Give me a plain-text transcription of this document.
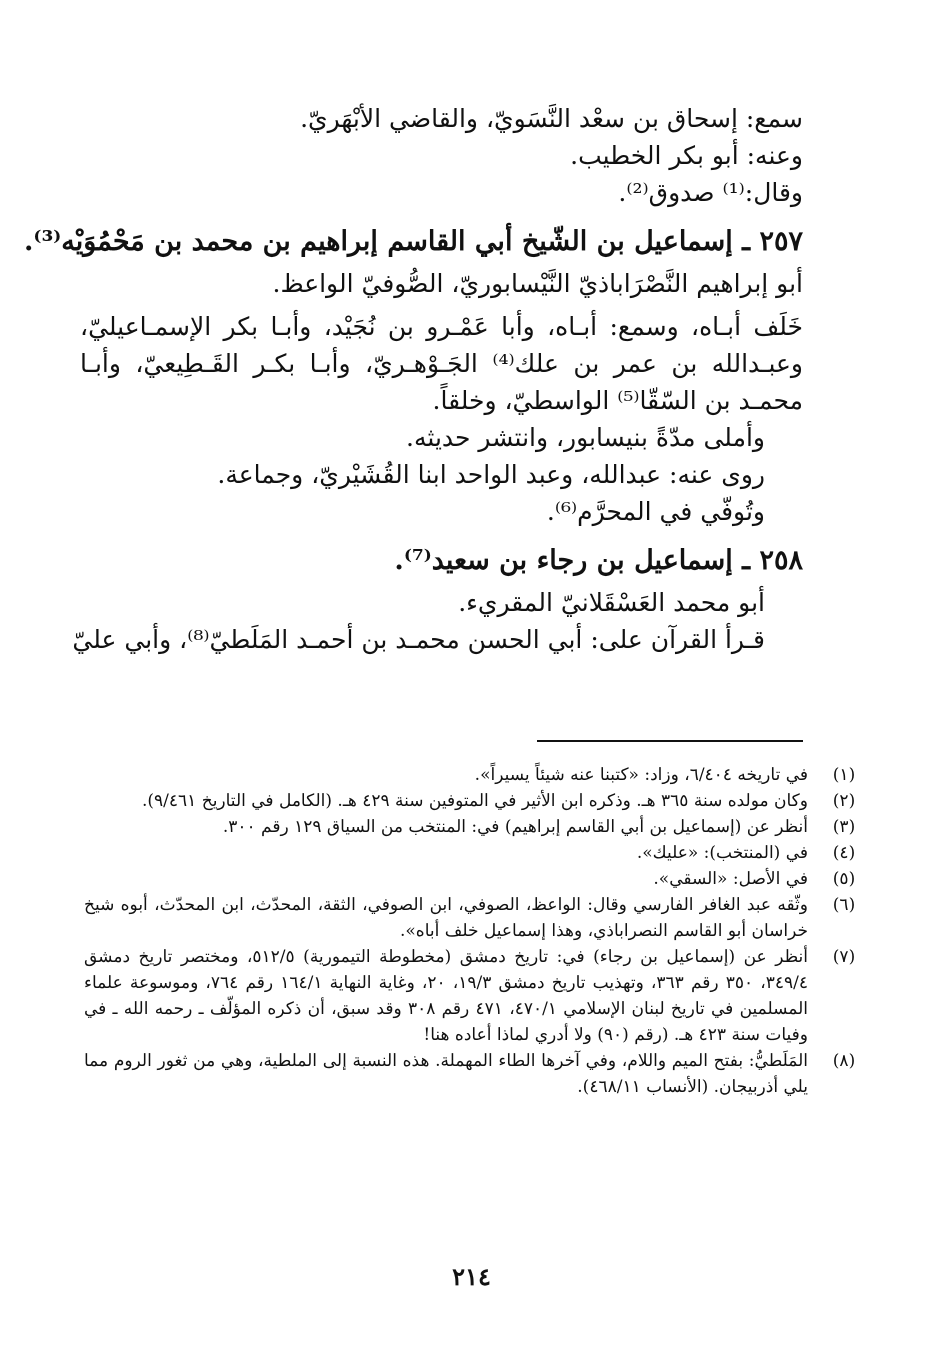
سمع: إسحاق بن سعْد النَّسَويّ، والقاضي الأبْهَريّ.
وعنه: أبو بكر الخطيب.
وقال:⁽¹⁾ صدوق⁽²⁾.
٢٥٧ ـ إسماعيل بن الشّيخ أبي القاسم إبراهيم بن محمد بن مَحْمُوَيْه⁽³⁾.
أبو إبراهيم النَّصْرَاباذيّ النَّيْسابوريّ، الصُّوفيّ الواعظ.
خَلَف أبـاه، وسمع: أبـاه، وأبا عَمْـرو بن نُجَيْد، وأبـا بكر الإسمـاعيليّ، وعبـدالله بن عمر بن علك⁽⁴⁾ الجَـوْهـريّ، وأبـا بكـر القَـطِيعيّ، وأبـا محمـد بن السّقّا⁽⁵⁾ الواسطيّ، وخلقاً.
وأملى مدّةً بنيسابور، وانتشر حديثه.
روى عنه: عبدالله، وعبد الواحد ابنا القُشَيْريّ، وجماعة.
وتُوفّي في المحرَّم⁽⁶⁾.
٢٥٨ ـ إسماعيل بن رجاء بن سعيد⁽⁷⁾.
أبو محمد العَسْقَلانيّ المقريء.
قـرأ القرآن على: أبي الحسن محمـد بن أحمـد المَلَطيّ⁽⁸⁾، وأبي عليّ
(١)
في تاريخه ٦/٤٠٤، وزاد: «كتبنا عنه شيئاً يسيراً».
(٢)
وكان مولده سنة ٣٦٥ هـ. وذكره ابن الأثير في المتوفين سنة ٤٢٩ هـ. (الكامل في التاريخ ٩/٤٦١).
(٣)
أنظر عن (إسماعيل بن أبي القاسم إبراهيم) في: المنتخب من السياق ١٢٩ رقم ٣٠٠.
(٤)
في (المنتخب): «عليك».
(٥)
في الأصل: «السقي».
(٦)
وثّقه عبد الغافر الفارسي وقال: الواعظ، الصوفي، ابن الصوفي، الثقة، المحدّث، ابن المحدّث، أبوه شيخ خراسان أبو القاسم النصراباذي، وهذا إسماعيل خلف أباه».
(٧)
أنظر عن (إسماعيل بن رجاء) في: تاريخ دمشق (مخطوطة التيمورية) ٥١٢/٥، ومختصر تاريخ دمشق ٣٤٩/٤، ٣٥٠ رقم ٣٦٣، وتهذيب تاريخ دمشق ١٩/٣، ٢٠، وغاية النهاية ١٦٤/١ رقم ٧٦٤، وموسوعة علماء المسلمين في تاريخ لبنان الإسلامي ٤٧٠/١، ٤٧١ رقم ٣٠٨ وقد سبق، أن ذكره المؤلّف ـ رحمه الله ـ في وفيات سنة ٤٢٣ هـ. (رقم (٩٠) ولا أدري لماذا أعاده هنا!
(٨)
المَلَطيُّ: بفتح الميم واللام، وفي آخرها الطاء المهملة. هذه النسبة إلى الملطية، وهي من ثغور الروم مما يلي أذربيجان. (الأنساب ٤٦٨/١١).
٢١٤
